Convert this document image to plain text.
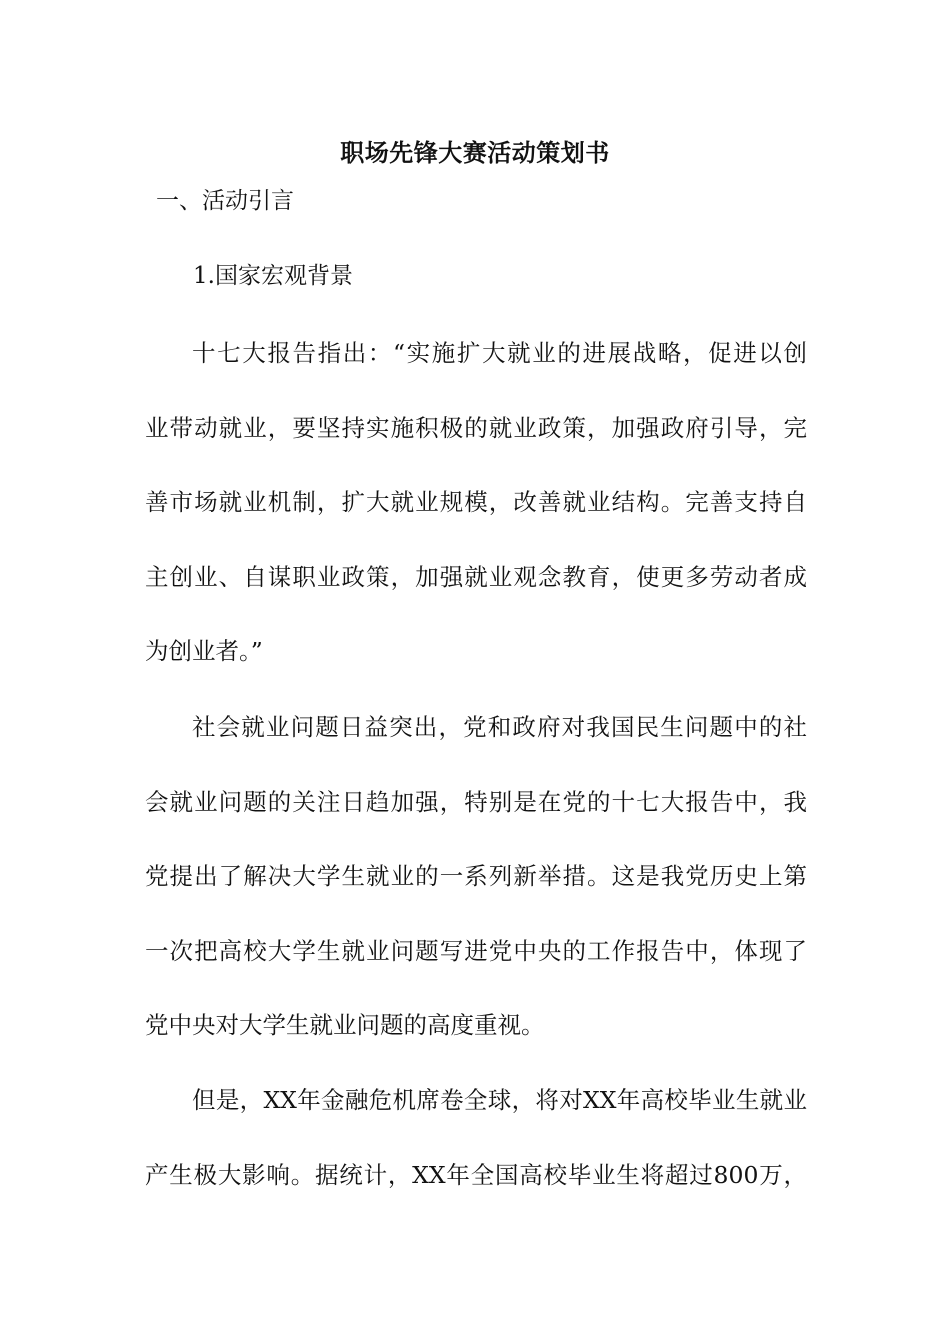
职场先锋大赛活动策划书
一、活动引言
1.国家宏观背景
十七大报告指出：“实施扩大就业的进展战略，促进以创
业带动就业，要坚持实施积极的就业政策，加强政府引导，完
善市场就业机制，扩大就业规模，改善就业结构。完善支持自
主创业、自谋职业政策，加强就业观念教育，使更多劳动者成
为创业者。”
社会就业问题日益突出，党和政府对我国民生问题中的社
会就业问题的关注日趋加强，特别是在党的十七大报告中，我
党提出了解决大学生就业的一系列新举措。这是我党历史上第
一次把高校大学生就业问题写进党中央的工作报告中，体现了
党中央对大学生就业问题的高度重视。
但是，XX年金融危机席卷全球，将对XX年高校毕业生就业
产生极大影响。据统计，XX年全国高校毕业生将超过800万，
